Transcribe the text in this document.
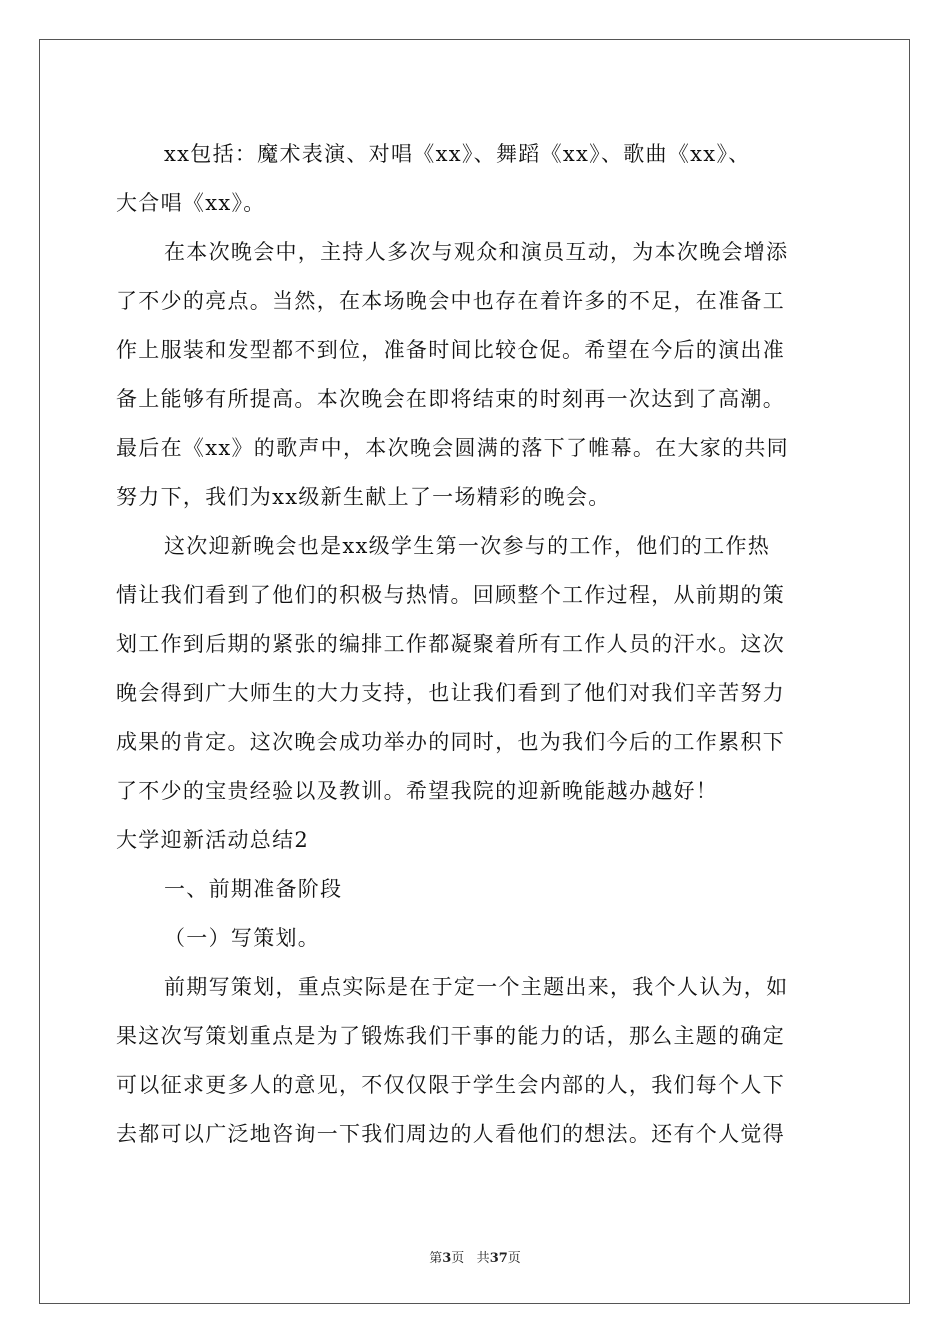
xx包括：魔术表演、对唱《xx》、舞蹈《xx》、歌曲《xx》、
大合唱《xx》。
在本次晚会中，主持人多次与观众和演员互动，为本次晚会增添
了不少的亮点。当然，在本场晚会中也存在着许多的不足，在准备工
作上服装和发型都不到位，准备时间比较仓促。希望在今后的演出准
备上能够有所提高。本次晚会在即将结束的时刻再一次达到了高潮。
最后在《xx》的歌声中，本次晚会圆满的落下了帷幕。在大家的共同
努力下，我们为xx级新生献上了一场精彩的晚会。
这次迎新晚会也是xx级学生第一次参与的工作，他们的工作热
情让我们看到了他们的积极与热情。回顾整个工作过程，从前期的策
划工作到后期的紧张的编排工作都凝聚着所有工作人员的汗水。这次
晚会得到广大师生的大力支持，也让我们看到了他们对我们辛苦努力
成果的肯定。这次晚会成功举办的同时，也为我们今后的工作累积下
了不少的宝贵经验以及教训。希望我院的迎新晚能越办越好！
大学迎新活动总结2
一、前期准备阶段
（一）写策划。
前期写策划，重点实际是在于定一个主题出来，我个人认为，如
果这次写策划重点是为了锻炼我们干事的能力的话，那么主题的确定
可以征求更多人的意见，不仅仅限于学生会内部的人，我们每个人下
去都可以广泛地咨询一下我们周边的人看他们的想法。还有个人觉得
第3页 共37页
